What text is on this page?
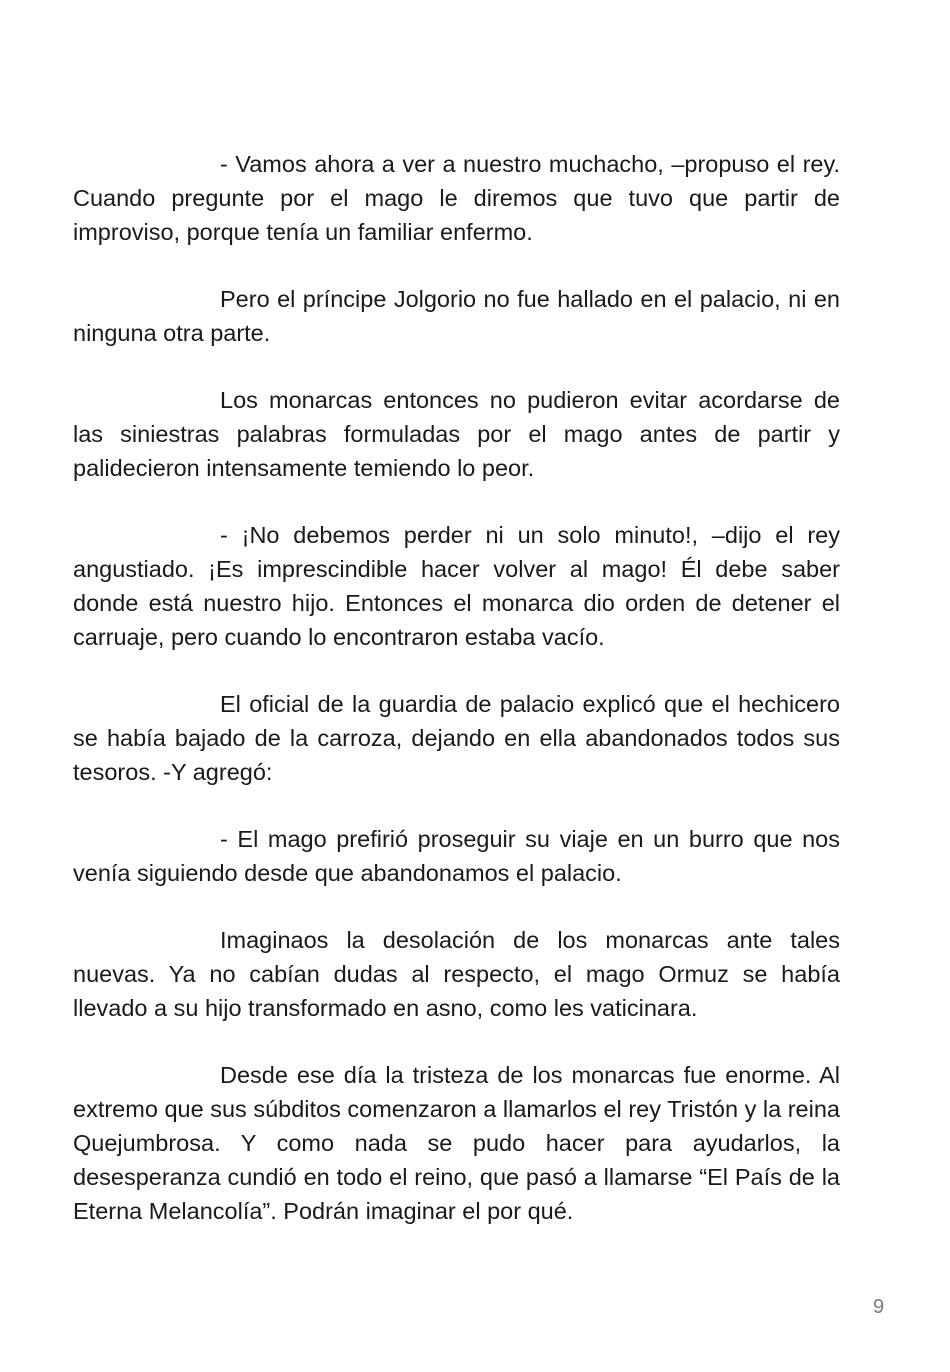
- Vamos ahora a ver a nuestro muchacho, –propuso el rey. Cuando pregunte por el mago le diremos que tuvo que partir de improviso, porque tenía un familiar enfermo.

Pero el príncipe Jolgorio no fue hallado en el palacio, ni en ninguna otra parte.

Los monarcas entonces no pudieron evitar acordarse de las siniestras palabras formuladas por el mago antes de partir y palidecieron intensamente temiendo lo peor.

- ¡No debemos perder ni un solo minuto!, –dijo el rey angustiado. ¡Es imprescindible hacer volver al mago! Él debe saber donde está nuestro hijo. Entonces el monarca dio orden de detener el carruaje, pero cuando lo encontraron estaba vacío.

El oficial de la guardia de palacio explicó que el hechicero se había bajado de la carroza, dejando en ella abandonados todos sus tesoros. -Y agregó:

- El mago prefirió proseguir su viaje en un burro que nos venía siguiendo desde que abandonamos el palacio.

Imaginaos la desolación de los monarcas ante tales nuevas. Ya no cabían dudas al respecto, el mago Ormuz se había llevado a su hijo transformado en asno, como les vaticinara.

Desde ese día la tristeza de los monarcas fue enorme. Al extremo que sus súbditos comenzaron a llamarlos el rey Tristón y la reina Quejumbrosa. Y como nada se pudo hacer para ayudarlos, la desesperanza cundió en todo el reino, que pasó a llamarse “El País de la Eterna Melancolía”. Podrán imaginar el por qué.

9
